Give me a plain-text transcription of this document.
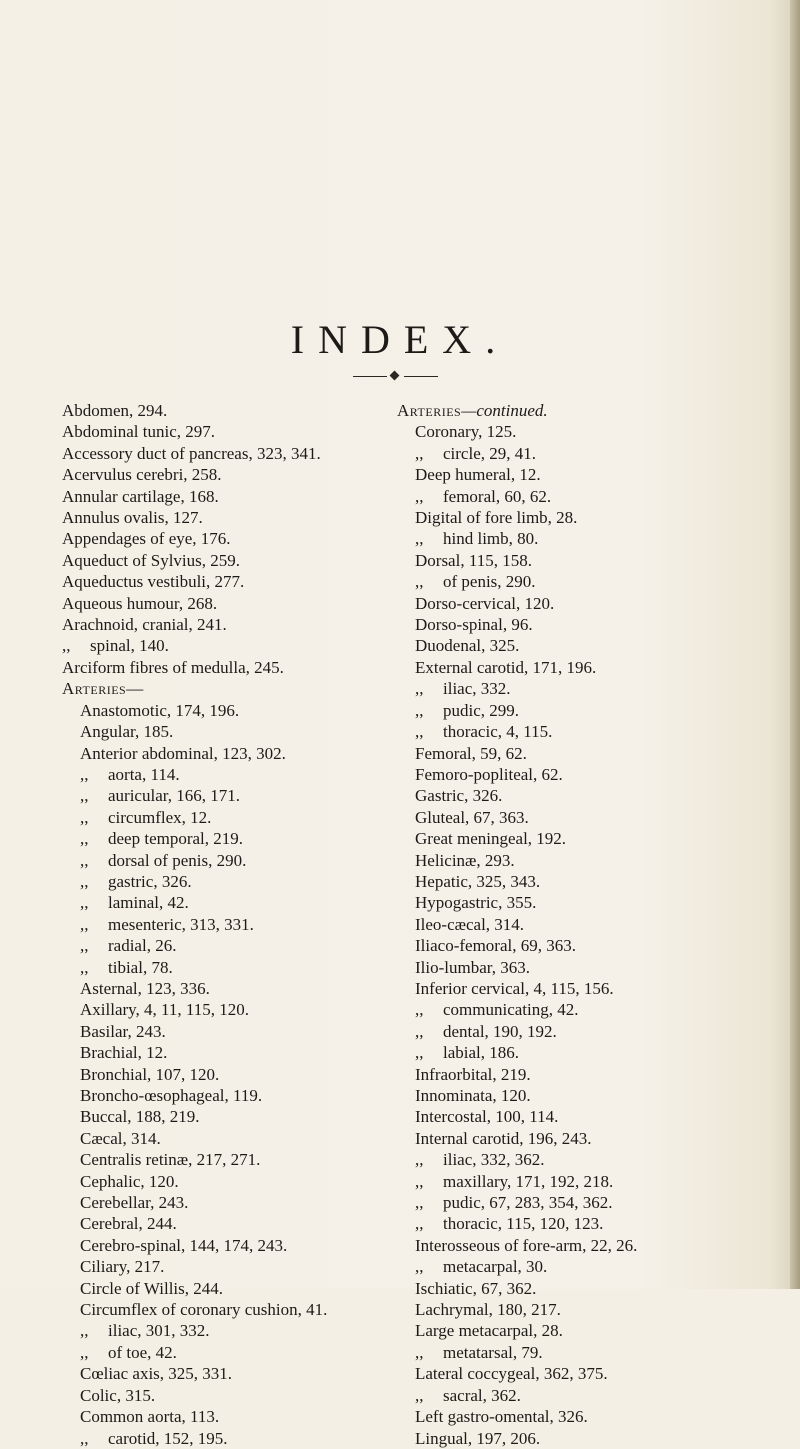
INDEX.
Abdomen, 294.
Abdominal tunic, 297.
Accessory duct of pancreas, 323, 341.
Acervulus cerebri, 258.
Annular cartilage, 168.
Annulus ovalis, 127.
Appendages of eye, 176.
Aqueduct of Sylvius, 259.
Aqueductus vestibuli, 277.
Aqueous humour, 268.
Arachnoid, cranial, 241.
,, spinal, 140.
Arciform fibres of medulla, 245.
Arteries—
Anastomotic, 174, 196.
Angular, 185.
Anterior abdominal, 123, 302.
,, aorta, 114.
,, auricular, 166, 171.
,, circumflex, 12.
,, deep temporal, 219.
,, dorsal of penis, 290.
,, gastric, 326.
,, laminal, 42.
,, mesenteric, 313, 331.
,, radial, 26.
,, tibial, 78.
Asternal, 123, 336.
Axillary, 4, 11, 115, 120.
Basilar, 243.
Brachial, 12.
Bronchial, 107, 120.
Broncho-œsophageal, 119.
Buccal, 188, 219.
Cæcal, 314.
Centralis retinæ, 217, 271.
Cephalic, 120.
Cerebellar, 243.
Cerebral, 244.
Cerebro-spinal, 144, 174, 243.
Ciliary, 217.
Circle of Willis, 244.
Circumflex of coronary cushion, 41.
,, iliac, 301, 332.
,, of toe, 42.
Cœliac axis, 325, 331.
Colic, 315.
Common aorta, 113.
,, carotid, 152, 195.
Arteries—continued.
Coronary, 125.
,, circle, 29, 41.
Deep humeral, 12.
,, femoral, 60, 62.
Digital of fore limb, 28.
,, hind limb, 80.
Dorsal, 115, 158.
,, of penis, 290.
Dorso-cervical, 120.
Dorso-spinal, 96.
Duodenal, 325.
External carotid, 171, 196.
,, iliac, 332.
,, pudic, 299.
,, thoracic, 4, 115.
Femoral, 59, 62.
Femoro-popliteal, 62.
Gastric, 326.
Gluteal, 67, 363.
Great meningeal, 192.
Helicinæ, 293.
Hepatic, 325, 343.
Hypogastric, 355.
Ileo-cæcal, 314.
Iliaco-femoral, 69, 363.
Ilio-lumbar, 363.
Inferior cervical, 4, 115, 156.
,, communicating, 42.
,, dental, 190, 192.
,, labial, 186.
Infraorbital, 219.
Innominata, 120.
Intercostal, 100, 114.
Internal carotid, 196, 243.
,, iliac, 332, 362.
,, maxillary, 171, 192, 218.
,, pudic, 67, 283, 354, 362.
,, thoracic, 115, 120, 123.
Interosseous of fore-arm, 22, 26.
,, metacarpal, 30.
Ischiatic, 67, 362.
Lachrymal, 180, 217.
Large metacarpal, 28.
,, metatarsal, 79.
Lateral coccygeal, 362, 375.
,, sacral, 362.
Left gastro-omental, 326.
Lingual, 197, 206.
